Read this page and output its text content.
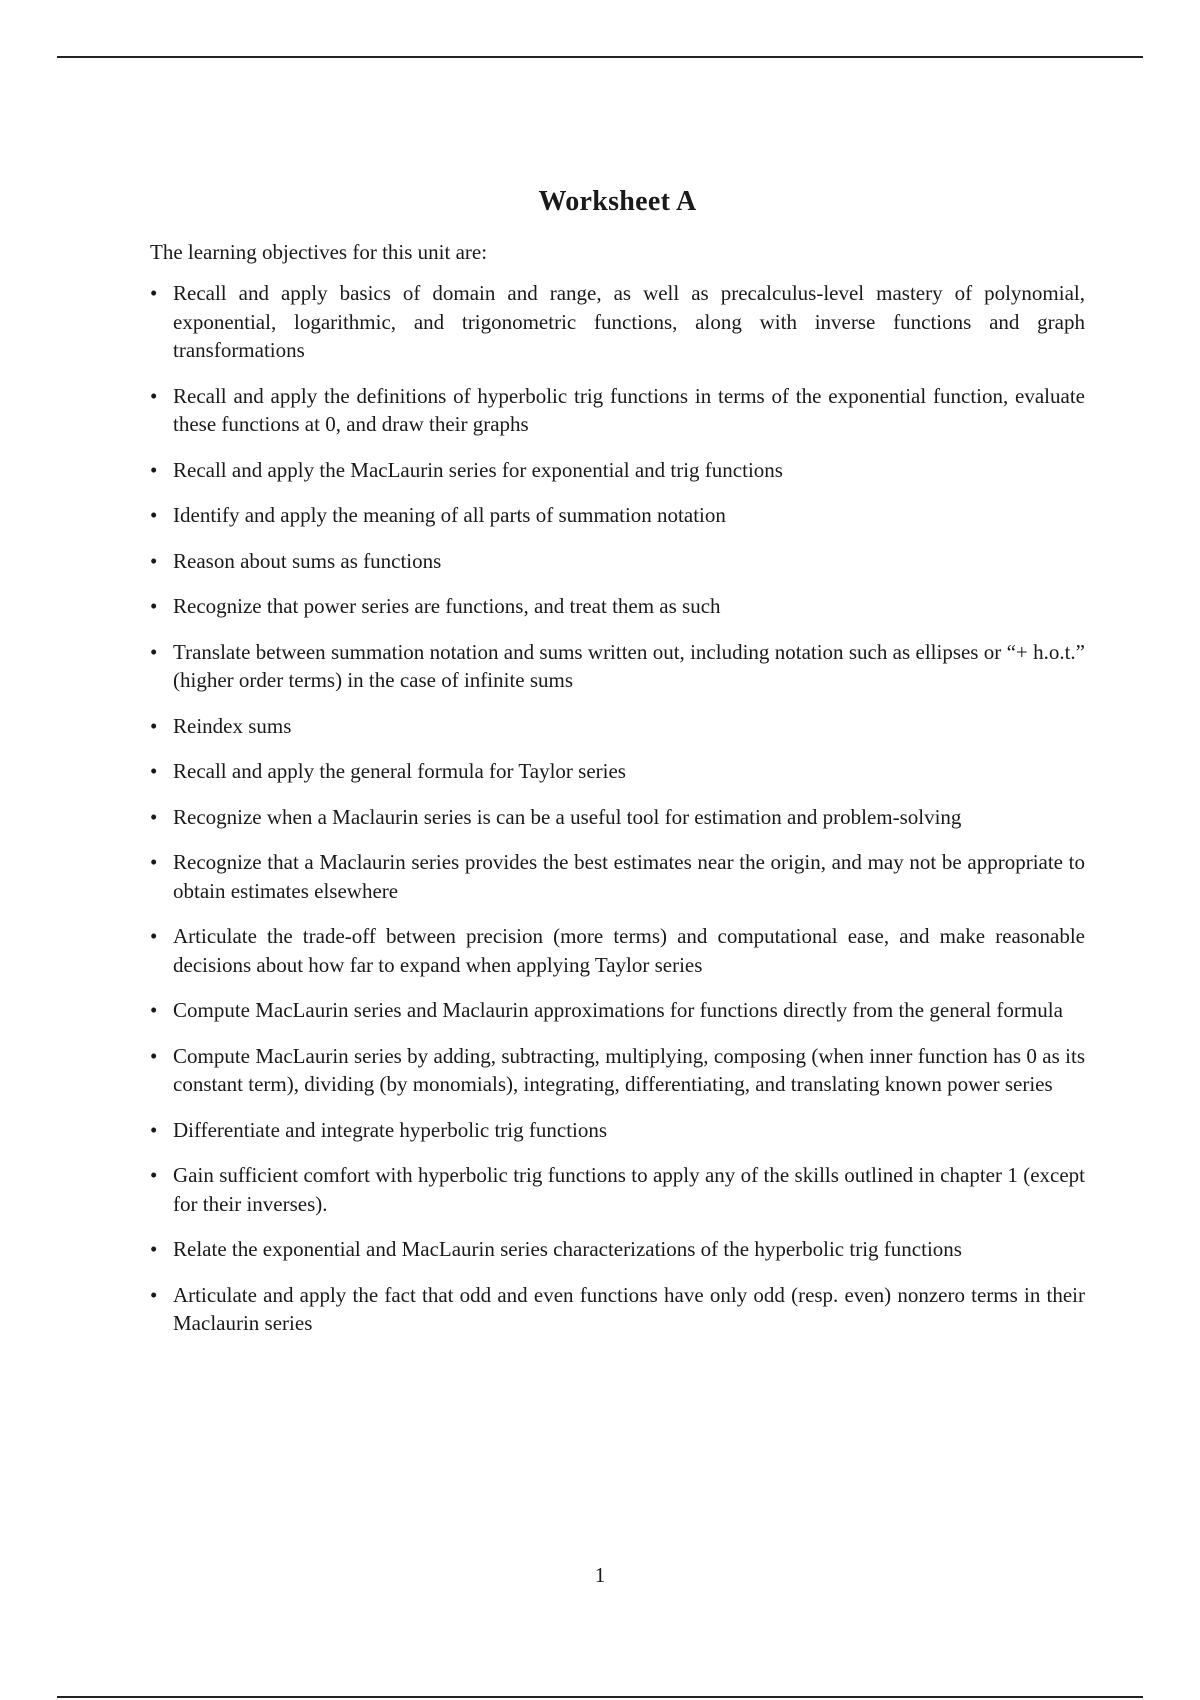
Worksheet A

The learning objectives for this unit are:

• Recall and apply basics of domain and range, as well as precalculus-level mastery of polynomial, exponential, logarithmic, and trigonometric functions, along with inverse functions and graph transformations
• Recall and apply the definitions of hyperbolic trig functions in terms of the exponential function, evaluate these functions at 0, and draw their graphs
• Recall and apply the MacLaurin series for exponential and trig functions
• Identify and apply the meaning of all parts of summation notation
• Reason about sums as functions
• Recognize that power series are functions, and treat them as such
• Translate between summation notation and sums written out, including notation such as ellipses or “+ h.o.t.” (higher order terms) in the case of infinite sums
• Reindex sums
• Recall and apply the general formula for Taylor series
• Recognize when a Maclaurin series is can be a useful tool for estimation and problem-solving
• Recognize that a Maclaurin series provides the best estimates near the origin, and may not be appropriate to obtain estimates elsewhere
• Articulate the trade-off between precision (more terms) and computational ease, and make reasonable decisions about how far to expand when applying Taylor series
• Compute MacLaurin series and Maclaurin approximations for functions directly from the general formula
• Compute MacLaurin series by adding, subtracting, multiplying, composing (when inner function has 0 as its constant term), dividing (by monomials), integrating, differentiating, and translating known power series
• Differentiate and integrate hyperbolic trig functions
• Gain sufficient comfort with hyperbolic trig functions to apply any of the skills outlined in chapter 1 (except for their inverses).
• Relate the exponential and MacLaurin series characterizations of the hyperbolic trig functions
• Articulate and apply the fact that odd and even functions have only odd (resp. even) nonzero terms in their Maclaurin series
1
